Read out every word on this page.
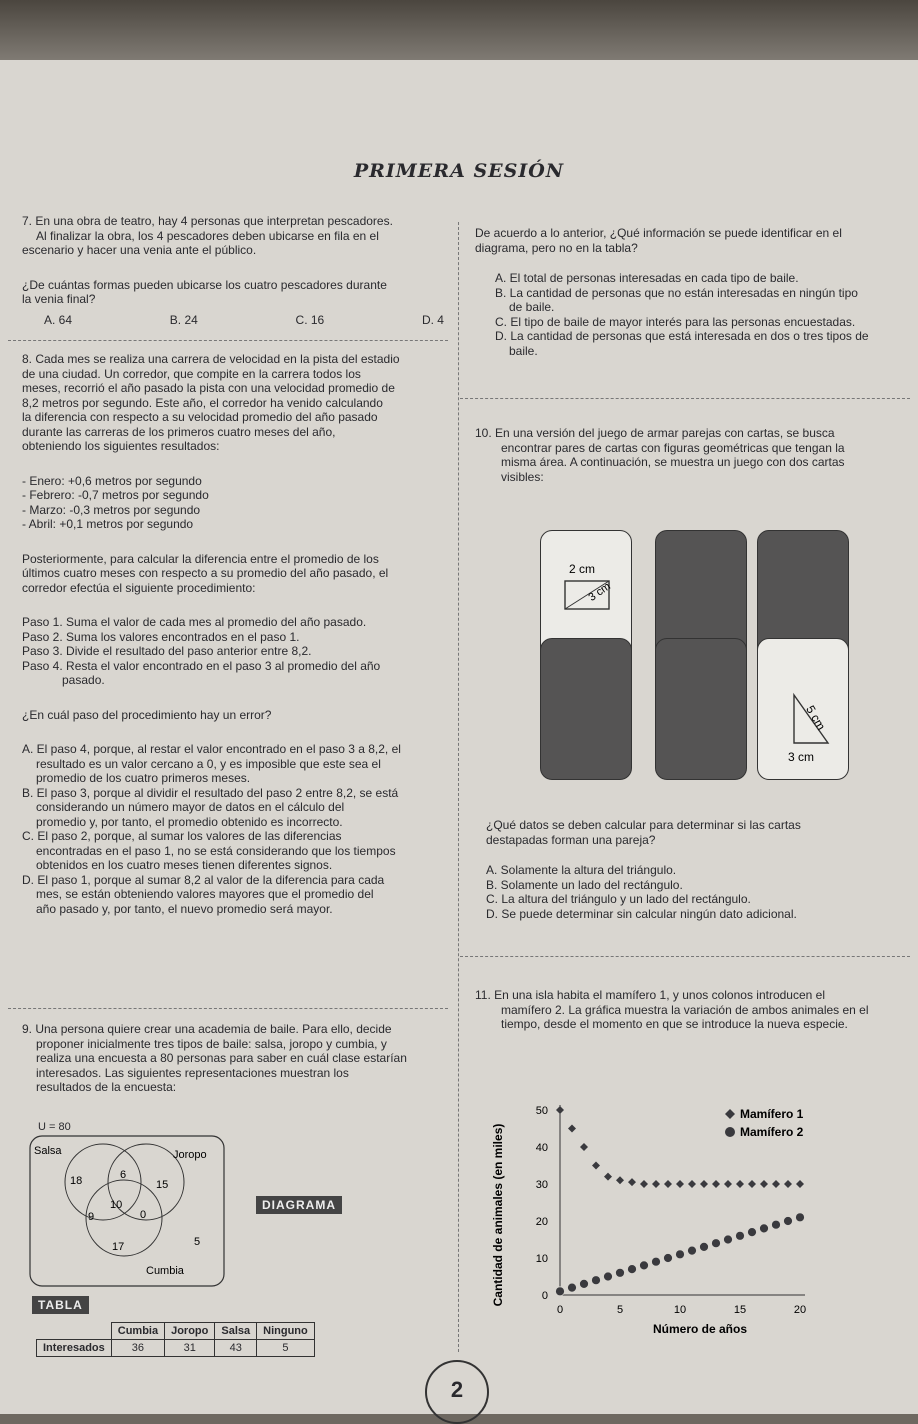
PRIMERA SESIÓN

7. En una obra de teatro, hay 4 personas que interpretan pescadores.

Al finalizar la obra, los 4 pescadores deben ubicarse en fila en el

escenario y hacer una venia ante el público.

¿De cuántas formas pueden ubicarse los cuatro pescadores durante

la venia final?

A. 64	B. 24	C. 16	D. 4

8. Cada mes se realiza una carrera de velocidad en la pista del estadio

de una ciudad. Un corredor, que compite en la carrera todos los

meses, recorrió el año pasado la pista con una velocidad promedio de

8,2 metros por segundo. Este año, el corredor ha venido calculando

la diferencia con respecto a su velocidad promedio del año pasado

durante las carreras de los primeros cuatro meses del año,

obteniendo los siguientes resultados:

- Enero: +0,6 metros por segundo

- Febrero: -0,7 metros por segundo

- Marzo: -0,3 metros por segundo

- Abril: +0,1 metros por segundo

Posteriormente, para calcular la diferencia entre el promedio de los

últimos cuatro meses con respecto a su promedio del año pasado, el

corredor efectúa el siguiente procedimiento:

Paso 1. Suma el valor de cada mes al promedio del año pasado.

Paso 2. Suma los valores encontrados en el paso 1.

Paso 3. Divide el resultado del paso anterior entre 8,2.

Paso 4. Resta el valor encontrado en el paso 3 al promedio del año

pasado.

¿En cuál paso del procedimiento hay un error?

A. El paso 4, porque, al restar el valor encontrado en el paso 3 a 8,2, el

resultado es un valor cercano a 0, y es imposible que este sea el

promedio de los cuatro primeros meses.

B. El paso 3, porque al dividir el resultado del paso 2 entre 8,2, se está

considerando un número mayor de datos en el cálculo del

promedio y, por tanto, el promedio obtenido es incorrecto.

C. El paso 2, porque, al sumar los valores de las diferencias

encontradas en el paso 1, no se está considerando que los tiempos

obtenidos en los cuatro meses tienen diferentes signos.

D. El paso 1, porque al sumar 8,2 al valor de la diferencia para cada

mes, se están obteniendo valores mayores que el promedio del

año pasado y, por tanto, el nuevo promedio será mayor.

9. Una persona quiere crear una academia de baile. Para ello, decide

proponer inicialmente tres tipos de baile: salsa, joropo y cumbia, y

realiza una encuesta a 80 personas para saber en cuál clase estarían

interesados. Las siguientes representaciones muestran los

resultados de la encuesta:

U = 80
Salsa	Joropo
Cumbia
18	6
15
10
9	0
17	5
DIAGRAMA
TABLA
	Cumbia	Joropo	Salsa	Ninguno
Interesados	36	31	43	5

De acuerdo a lo anterior, ¿Qué información se puede identificar en el

diagrama, pero no en la tabla?

A. El total de personas interesadas en cada tipo de baile.

B. La cantidad de personas que no están interesadas en ningún tipo

de baile.

C. El tipo de baile de mayor interés para las personas encuestadas.

D. La cantidad de personas que está interesada en dos o tres tipos de

baile.

10. En una versión del juego de armar parejas con cartas, se busca

encontrar pares de cartas con figuras geométricas que tengan la

misma área. A continuación, se muestra un juego con dos cartas

visibles:

2 cm
3 cm
5 cm
3 cm

¿Qué datos se deben calcular para determinar si las cartas

destapadas forman una pareja?

A. Solamente la altura del triángulo.

B. Solamente un lado del rectángulo.

C. La altura del triángulo y un lado del rectángulo.

D. Se puede determinar sin calcular ningún dato adicional.

11. En una isla habita el mamífero 1, y unos colonos introducen el

mamífero 2. La gráfica muestra la variación de ambos animales en el

tiempo, desde el momento en que se introduce la nueva especie.

0	5	10	15	20
0
10
20
30
40
50	Mamífero 1
Mamífero 2
Número de años
Cantidad de animales (en miles)
2
